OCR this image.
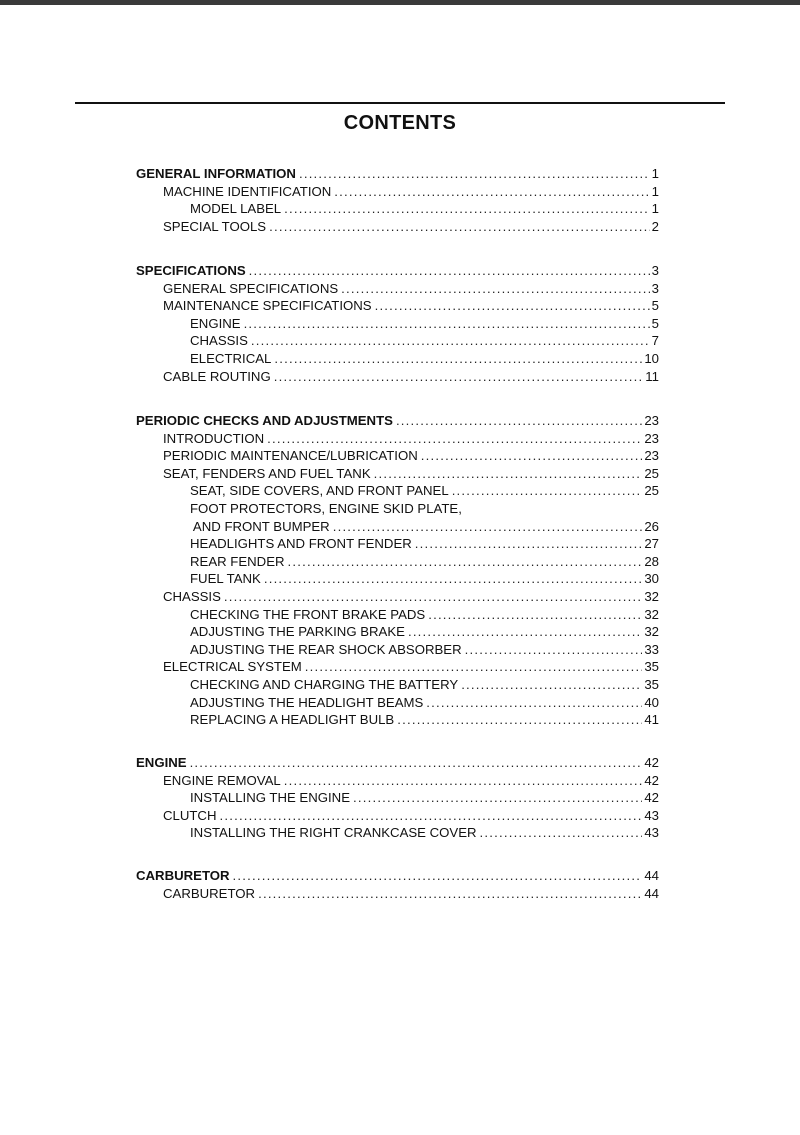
CONTENTS
GENERAL INFORMATION .....	1
MACHINE IDENTIFICATION .....	1
MODEL LABEL .....	1
SPECIAL TOOLS .....	2
SPECIFICATIONS .....	3
GENERAL SPECIFICATIONS .....	3
MAINTENANCE SPECIFICATIONS .....	5
ENGINE .....	5
CHASSIS .....	7
ELECTRICAL .....	10
CABLE ROUTING .....	11
PERIODIC CHECKS AND ADJUSTMENTS .....	23
INTRODUCTION .....	23
PERIODIC MAINTENANCE/LUBRICATION .....	23
SEAT, FENDERS AND FUEL TANK .....	25
SEAT, SIDE COVERS, AND FRONT PANEL .....	25
FOOT PROTECTORS, ENGINE SKID PLATE,
AND FRONT BUMPER .....	26
HEADLIGHTS AND FRONT FENDER .....	27
REAR FENDER .....	28
FUEL TANK .....	30
CHASSIS .....	32
CHECKING THE FRONT BRAKE PADS .....	32
ADJUSTING THE PARKING BRAKE .....	32
ADJUSTING THE REAR SHOCK ABSORBER .....	33
ELECTRICAL SYSTEM .....	35
CHECKING AND CHARGING THE BATTERY .....	35
ADJUSTING THE HEADLIGHT BEAMS .....	40
REPLACING A HEADLIGHT BULB .....	41
ENGINE .....	42
ENGINE REMOVAL .....	42
INSTALLING THE ENGINE .....	42
CLUTCH .....	43
INSTALLING THE RIGHT CRANKCASE COVER .....	43
CARBURETOR .....	44
CARBURETOR .....	44
